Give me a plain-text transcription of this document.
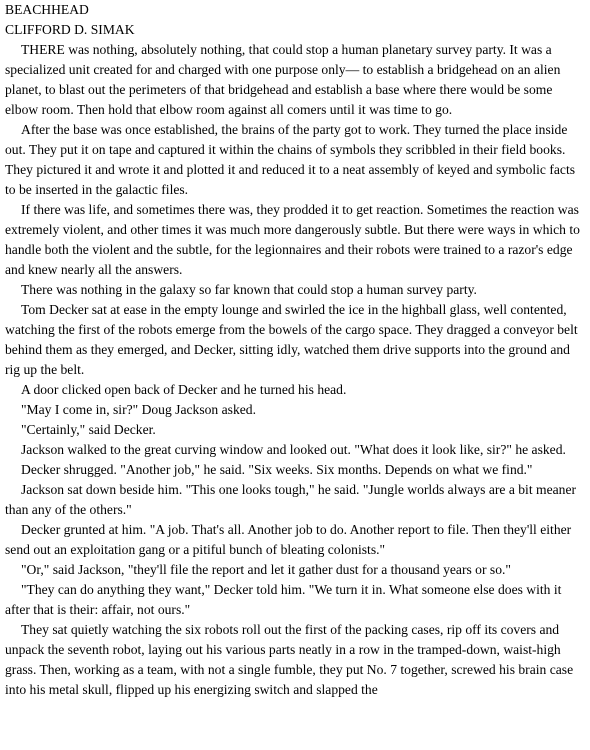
BEACHHEAD

CLIFFORD D. SIMAK

THERE was nothing, absolutely nothing, that could stop a human planetary survey party. It was a specialized unit created for and charged with one purpose only— to establish a bridgehead on an alien planet, to blast out the perimeters of that bridgehead and establish a base where there would be some elbow room. Then hold that elbow room against all comers until it was time to go.

After the base was once established, the brains of the party got to work. They turned the place inside out. They put it on tape and captured it within the chains of symbols they scribbled in their field books. They pictured it and wrote it and plotted it and reduced it to a neat assembly of keyed and symbolic facts to be inserted in the galactic files.

If there was life, and sometimes there was, they prodded it to get reaction. Sometimes the reaction was extremely violent, and other times it was much more dangerously subtle. But there were ways in which to handle both the violent and the subtle, for the legionnaires and their robots were trained to a razor's edge and knew nearly all the answers.

There was nothing in the galaxy so far known that could stop a human survey party.

Tom Decker sat at ease in the empty lounge and swirled the ice in the highball glass, well contented, watching the first of the robots emerge from the bowels of the cargo space. They dragged a conveyor belt behind them as they emerged, and Decker, sitting idly, watched them drive supports into the ground and rig up the belt.

A door clicked open back of Decker and he turned his head.

"May I come in, sir?" Doug Jackson asked.

"Certainly," said Decker.

Jackson walked to the great curving window and looked out. "What does it look like, sir?" he asked.

Decker shrugged. "Another job," he said. "Six weeks. Six months. Depends on what we find."

Jackson sat down beside him. "This one looks tough," he said. "Jungle worlds always are a bit meaner than any of the others."

Decker grunted at him. "A job. That's all. Another job to do. Another report to file. Then they'll either send out an exploitation gang or a pitiful bunch of bleating colonists."

"Or," said Jackson, "they'll file the report and let it gather dust for a thousand years or so."

"They can do anything they want," Decker told him. "We turn it in. What someone else does with it after that is their: affair, not ours."

They sat quietly watching the six robots roll out the first of the packing cases, rip off its covers and unpack the seventh robot, laying out his various parts neatly in a row in the tramped-down, waist-high grass. Then, working as a team, with not a single fumble, they put No. 7 together, screwed his brain case into his metal skull, flipped up his energizing switch and slapped the
